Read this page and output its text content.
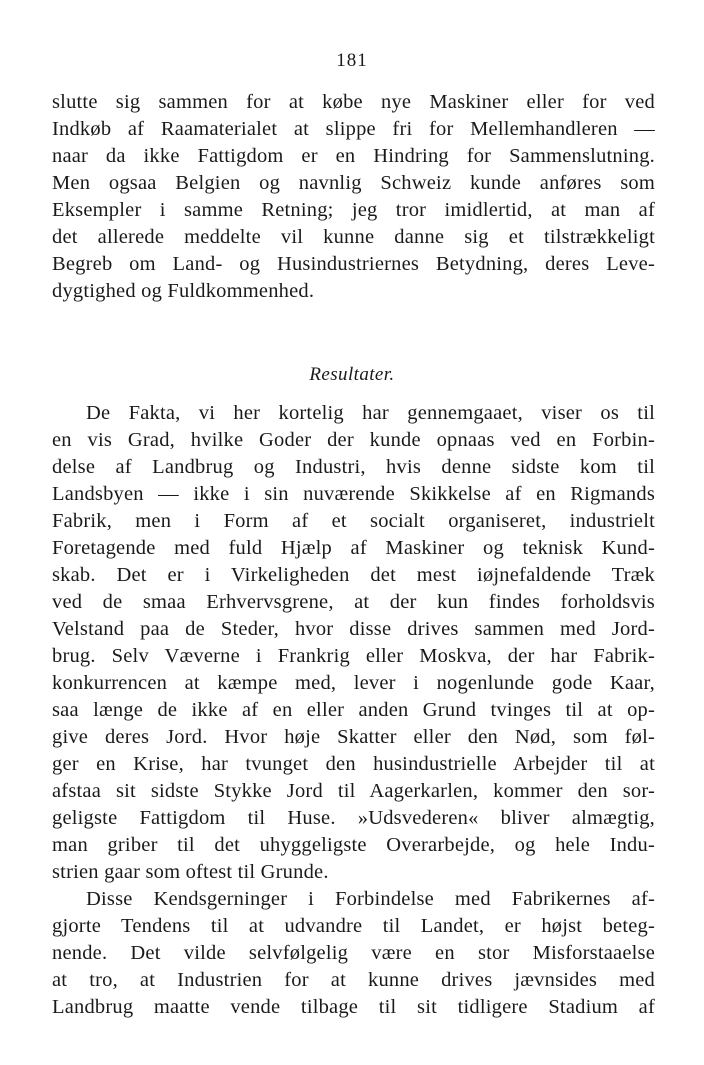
181
slutte sig sammen for at købe nye Maskiner eller for ved
Indkøb af Raamaterialet at slippe fri for Mellemhandleren —
naar da ikke Fattigdom er en Hindring for Sammenslutning.
Men ogsaa Belgien og navnlig Schweiz kunde anføres som
Eksempler i samme Retning; jeg tror imidlertid, at man af
det allerede meddelte vil kunne danne sig et tilstrækkeligt
Begreb om Land- og Husindustriernes Betydning, deres Leve-
dygtighed og Fuldkommenhed.
Resultater.
De Fakta, vi her kortelig har gennemgaaet, viser os til
en vis Grad, hvilke Goder der kunde opnaas ved en Forbin-
delse af Landbrug og Industri, hvis denne sidste kom til
Landsbyen — ikke i sin nuværende Skikkelse af en Rigmands
Fabrik, men i Form af et socialt organiseret, industrielt
Foretagende med fuld Hjælp af Maskiner og teknisk Kund-
skab. Det er i Virkeligheden det mest iøjnefaldende Træk
ved de smaa Erhvervsgrene, at der kun findes forholdsvis
Velstand paa de Steder, hvor disse drives sammen med Jord-
brug. Selv Væverne i Frankrig eller Moskva, der har Fabrik-
konkurrencen at kæmpe med, lever i nogenlunde gode Kaar,
saa længe de ikke af en eller anden Grund tvinges til at op-
give deres Jord. Hvor høje Skatter eller den Nød, som føl-
ger en Krise, har tvunget den husindustrielle Arbejder til at
afstaa sit sidste Stykke Jord til Aagerkarlen, kommer den sor-
geligste Fattigdom til Huse. »Udsvederen« bliver almægtig,
man griber til det uhyggeligste Overarbejde, og hele Indu-
strien gaar som oftest til Grunde.
Disse Kendsgerninger i Forbindelse med Fabrikernes af-
gjorte Tendens til at udvandre til Landet, er højst beteg-
nende. Det vilde selvfølgelig være en stor Misforstaaelse
at tro, at Industrien for at kunne drives jævnsides med
Landbrug maatte vende tilbage til sit tidligere Stadium af
